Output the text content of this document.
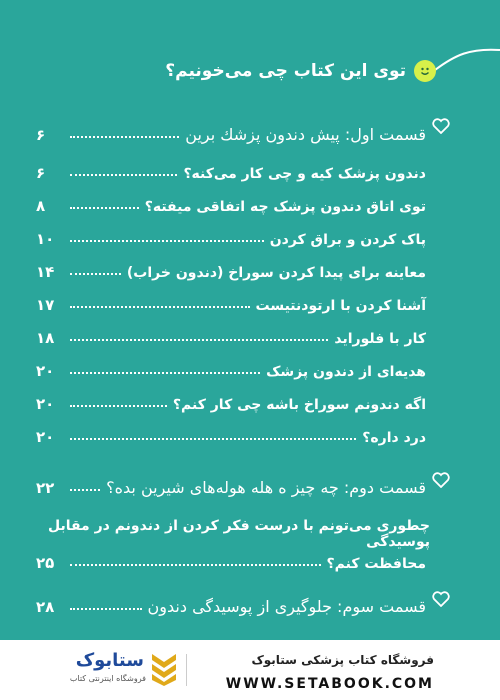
توی این کتاب چی می‌خونیم؟
۶	قسمت اول: پیش دندون پزشك برین
۶	دندون پزشک کیه و چی کار می‌کنه؟
۸	توی اتاق دندون پزشک چه اتفاقی میفته؟
۱۰	پاک کردن و براق کردن
۱۴	معاینه برای پیدا کردن سوراخ (دندون خراب)
۱۷	آشنا کردن با ارتودنتیست
۱۸	کار با فلوراید
۲۰	هدیه‌ای از دندون پزشک
۲۰	اگه دندونم سوراخ باشه چی کار کنم؟
۲۰	درد داره؟
۲۲	قسمت دوم: چه چیز ه هله هوله‌های شیرین بده؟
چطوری می‌تونم با درست فکر کردن از دندونم در مقابل پوسیدگی
۲۵	محافظت کنم؟
۲۸	قسمت سوم: جلوگیری از پوسیدگی دندون
ستابوک
فروشگاه اینترنتی کتاب
فروشگاه کتاب پزشکی ستابوک
WWW.SETABOOK.COM
